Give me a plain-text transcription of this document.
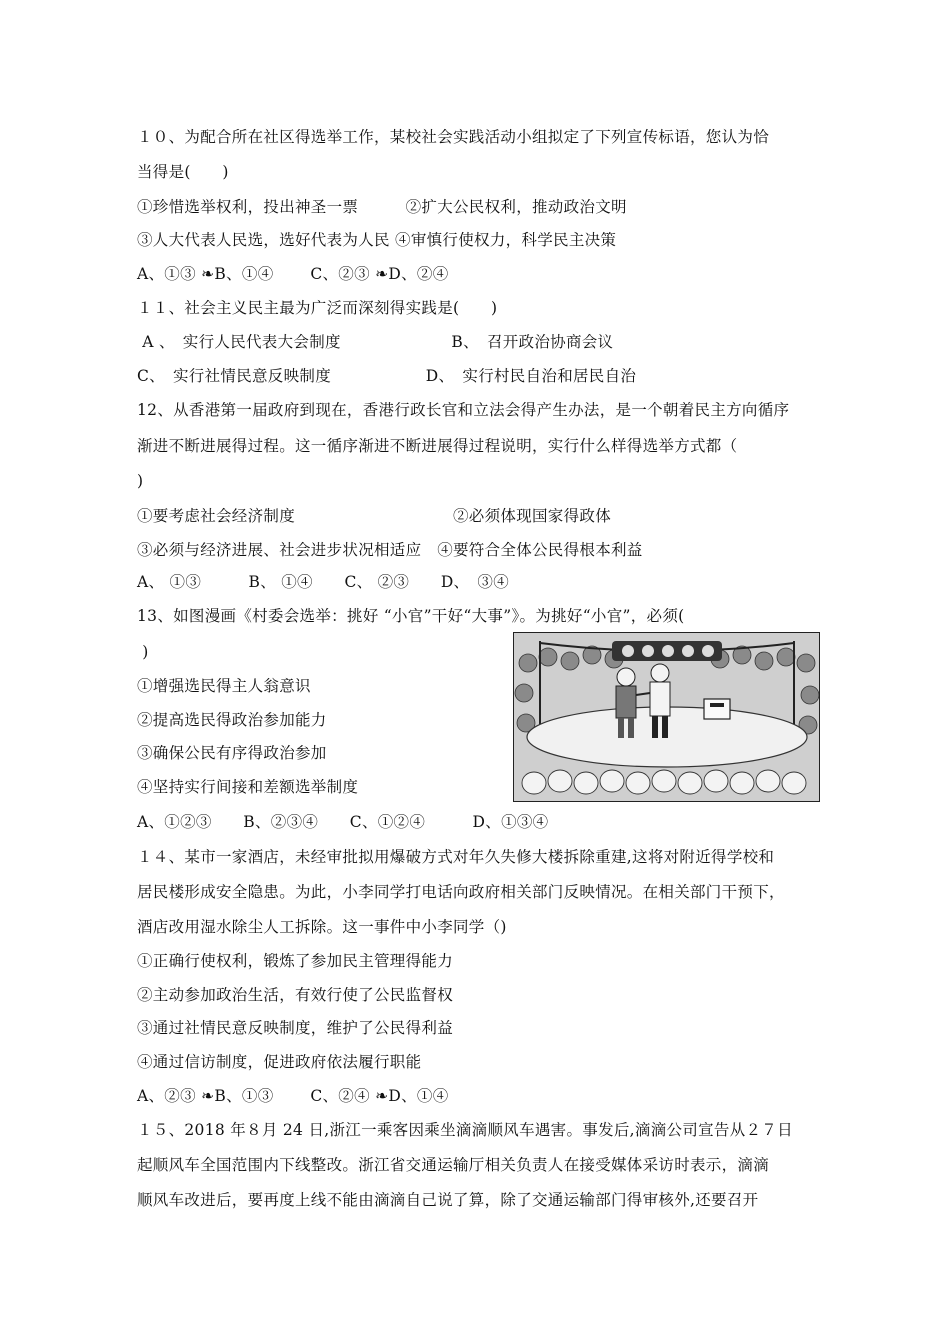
１０、为配合所在社区得选举工作，某校社会实践活动小组拟定了下列宣传标语，您认为恰

当得是(　　)

①珍惜选举权利，投出神圣一票　　　②扩大公民权利，推动政治文明

③人大代表人民选，选好代表为人民 ④审慎行使权力，科学民主决策

A、①③ ❧B、①④　　 C、②③ ❧D、②④

１１、社会主义民主最为广泛而深刻得实践是(　　)

A 、　实行人民代表大会制度　　　　　　　B、　召开政治协商会议

C、　实行社情民意反映制度　　　　　　D、　实行村民自治和居民自治

12、从香港第一届政府到现在，香港行政长官和立法会得产生办法，是一个朝着民主方向循序

渐进不断进展得过程。这一循序渐进不断进展得过程说明，实行什么样得选举方式都（

)

①要考虑社会经济制度　　　　　　　　　　②必须体现国家得政体

③必须与经济进展、社会进步状况相适应　④要符合全体公民得根本利益

A、 ①③　　　B、 ①④　　C、 ②③　　D、　③④

13、如图漫画《村委会选举：挑好 “小官”干好“大事”》。为挑好“小官”，必须(

)

①增强选民得主人翁意识

②提高选民得政治参加能力

③确保公民有序得政治参加

④坚持实行间接和差额选举制度

A、①②③　　B、②③④　　C、①②④　　　D、①③④

１４、某市一家酒店，未经审批拟用爆破方式对年久失修大楼拆除重建,这将对附近得学校和

居民楼形成安全隐患。为此，小李同学打电话向政府相关部门反映情况。在相关部门干预下，

酒店改用湿水除尘人工拆除。这一事件中小李同学（)

①正确行使权利，锻炼了参加民主管理得能力

②主动参加政治生活，有效行使了公民监督权

③通过社情民意反映制度，维护了公民得利益

④通过信访制度，促进政府依法履行职能

A、②③ ❧B、①③　　 C、②④ ❧D、①④

１５、2018 年８月 24 日,浙江一乘客因乘坐滴滴顺风车遇害。事发后,滴滴公司宣告从２７日

起顺风车全国范围内下线整改。浙江省交通运输厅相关负责人在接受媒体采访时表示，滴滴

顺风车改进后，要再度上线不能由滴滴自己说了算，除了交通运输部门得审核外,还要召开
